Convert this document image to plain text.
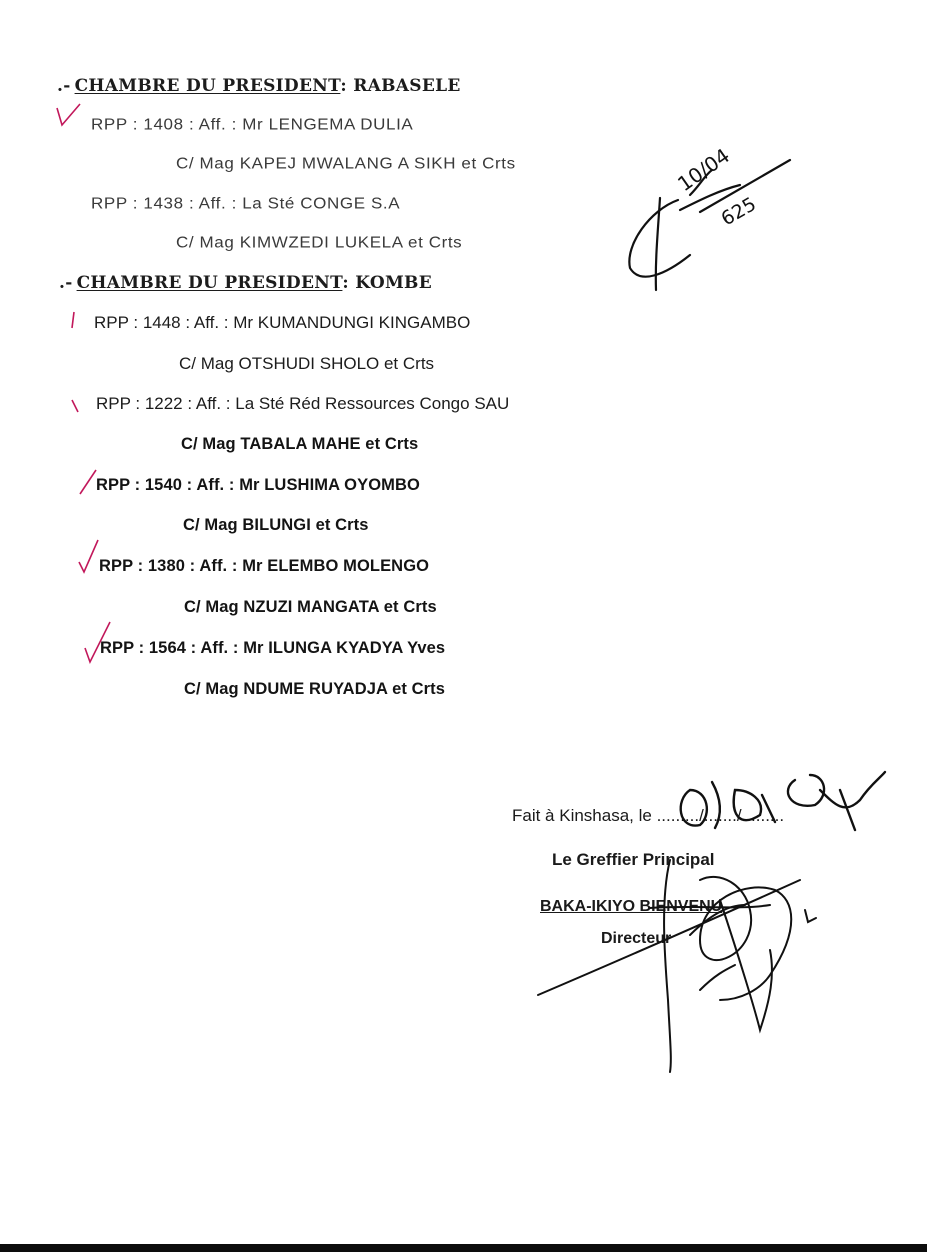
.- CHAMBRE DU PRESIDENT: RABASELE
RPP : 1408 : Aff. : Mr LENGEMA DULIA
C/ Mag KAPEJ MWALANG A SIKH et Crts
RPP : 1438 : Aff. : La Sté CONGE S.A
C/ Mag KIMWZEDI LUKELA et Crts
.- CHAMBRE DU PRESIDENT: KOMBE
RPP : 1448 : Aff. : Mr KUMANDUNGI KINGAMBO
C/ Mag OTSHUDI SHOLO et Crts
RPP : 1222 : Aff. : La Sté Réd Ressources Congo SAU
C/ Mag TABALA MAHE et Crts
RPP : 1540 : Aff. : Mr LUSHIMA OYOMBO
C/ Mag BILUNGI et Crts
RPP : 1380 : Aff. : Mr ELEMBO MOLENGO
C/ Mag NZUZI MANGATA et Crts
RPP : 1564 : Aff. : Mr ILUNGA KYADYA Yves
C/ Mag NDUME RUYADJA et Crts
Fait à Kinshasa, le ........./......./.........
Le Greffier Principal
BAKA-IKIYO BIENVENU
Directeur
10/04
625
